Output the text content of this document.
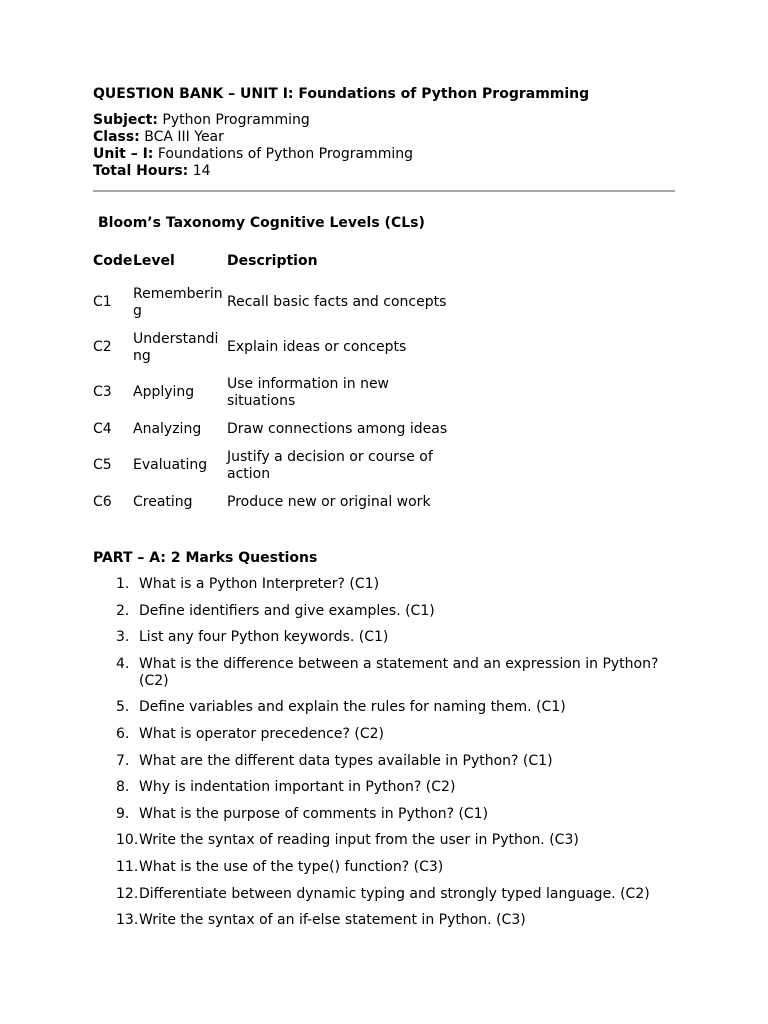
QUESTION BANK – UNIT I: Foundations of Python Programming
Subject: Python Programming
Class: BCA III Year
Unit – I: Foundations of Python Programming
Total Hours: 14
Bloom’s Taxonomy Cognitive Levels (CLs)
Code	Level	Description
C1	Remembering	Recall basic facts and concepts
C2	Understanding	Explain ideas or concepts
C3	Applying	Use information in new situations
C4	Analyzing	Draw connections among ideas
C5	Evaluating	Justify a decision or course of action
C6	Creating	Produce new or original work
PART – A: 2 Marks Questions
1. What is a Python Interpreter? (C1)
2. Define identifiers and give examples. (C1)
3. List any four Python keywords. (C1)
4. What is the difference between a statement and an expression in Python? (C2)
5. Define variables and explain the rules for naming them. (C1)
6. What is operator precedence? (C2)
7. What are the different data types available in Python? (C1)
8. Why is indentation important in Python? (C2)
9. What is the purpose of comments in Python? (C1)
10. Write the syntax of reading input from the user in Python. (C3)
11. What is the use of the type() function? (C3)
12. Differentiate between dynamic typing and strongly typed language. (C2)
13. Write the syntax of an if-else statement in Python. (C3)
